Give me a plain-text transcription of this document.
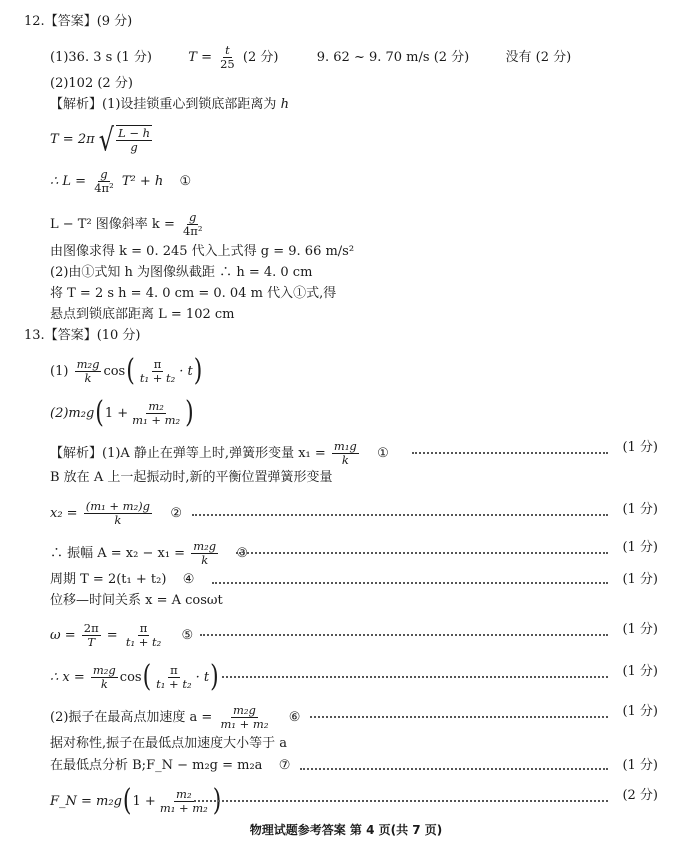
12.【答案】(9 分)
(1)36. 3 s (1 分)	$T = \frac{t}{25} (2$ 分)	9. 62 ~ 9. 70 m/s (2 分)	没有 (2 分)
(2)102 (2 分)
【解析】(1)设挂锁重心到锁底部距离为 h
T = 2π √ $\frac{L - h}{g}$
∴ $L = \frac{g}{\text{4π²}} T^2 + h$ ①
L − T² 图像斜率 $k = \frac{g}{\text{4π²}}$
由图像求得 k = 0. 245 代入上式得 g = 9. 66 m/s²
(2)由①式知 h 为图像纵截距 ∴ h = 4. 0 cm
将 T = 2 s h = 4. 0 cm = 0. 04 m 代入①式,得
悬点到锁底部距离 L = 102 cm
13.【答案】(10 分)
$(1) \frac{\text{m₂g}}{k} \cos( \frac{\pi}{\text{t₁ + t₂}} \cdot t)$
$(2)m_2g(1 + \frac{\text{m₂}}{\text{m₁ + m₂}}$ )
【解析】(1)A 静止在弹等上时,弹簧形变量 $x_1 = \frac{\text{m₁g}}{k}$ ①	(1 分)
B 放在 A 上一起振动时,新的平衡位置弹簧形变量
$x_2 = \frac{\text{(m₁ + m₂)g}}{k}$ ②	(1 分)
∴ 振幅 $A = x_2 - x_1 = \frac{\text{m₂g}}{k}$ ③	(1 分)
周期 T = 2(t₁ + t₂) ④	(1 分)
位移—时间关系 x = A cosωt
$\omega = \frac{2\pi}{T} = \frac{\pi}{\text{t₁ + t₂}}$ ⑤	(1 分)
∴ $x = \frac{\text{m₂g}}{k} \cos( \frac{\pi}{\text{t₁ + t₂}} \cdot t)$	(1 分)
(2)振子在最高点加速度 $a = \frac{\text{m₂g}}{\text{m₁ + m₂}}$ ⑥	(1 分)
据对称性,振子在最低点加速度大小等于 a
在最低点分析 B;F_N − m₂g = m₂a ⑦	(1 分)
F_N = $m_2g(1 + \frac{\text{m₂}}{\text{m₁ + m₂}}$ )	(2 分)
物理试题参考答案 第 4 页(共 7 页)
